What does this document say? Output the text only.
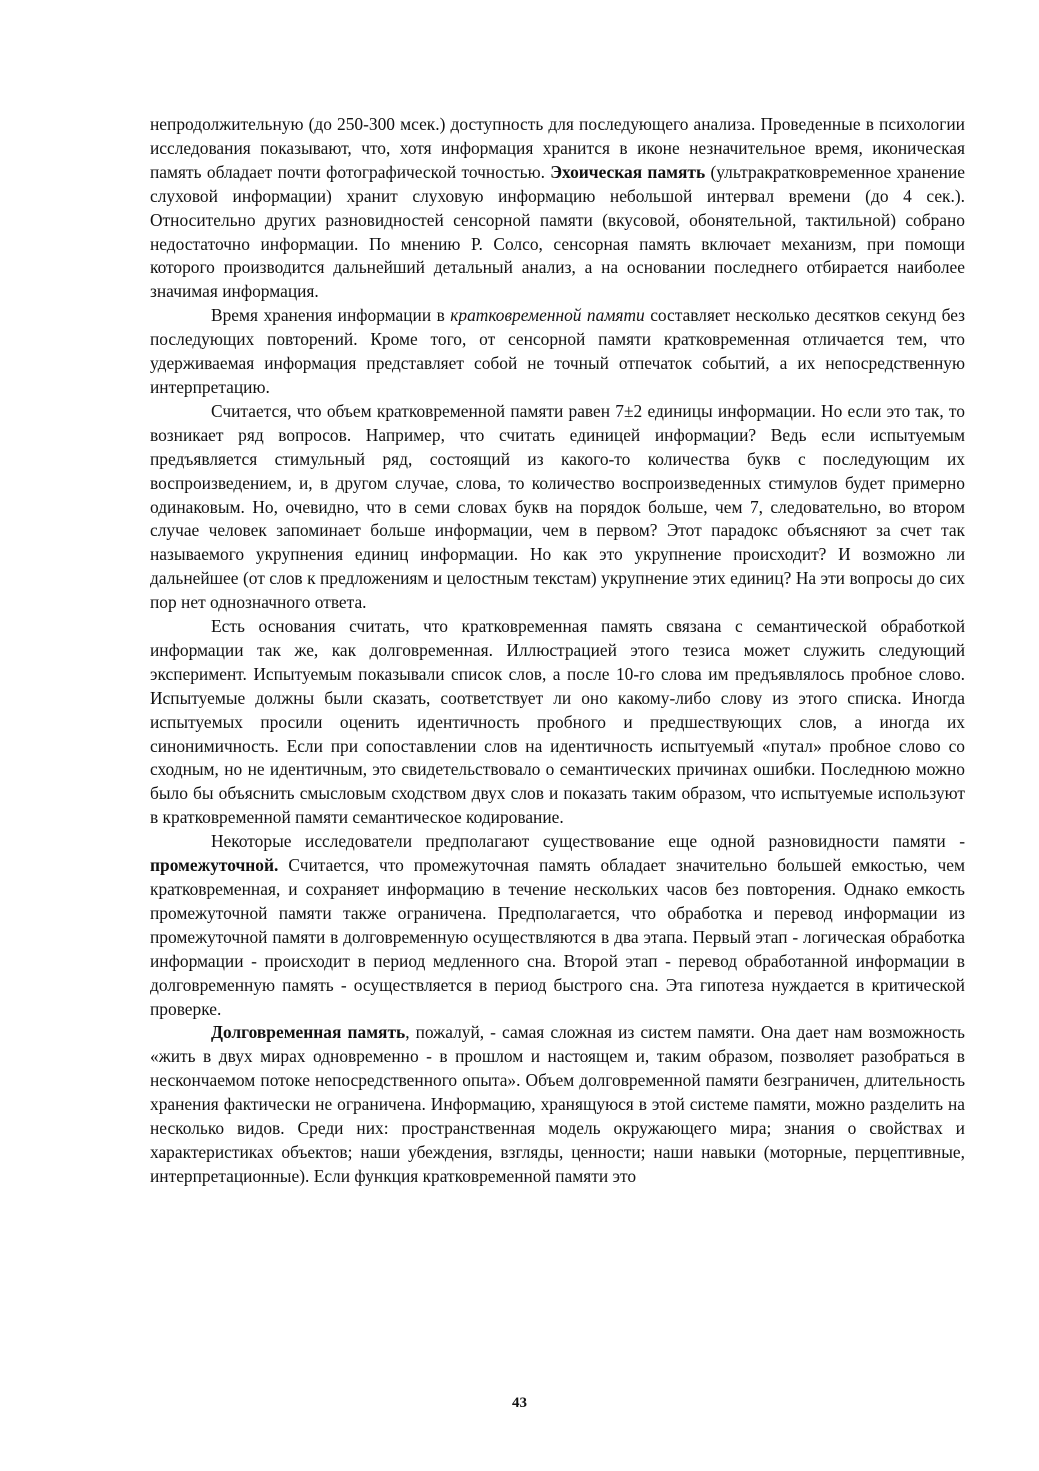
непродолжительную (до 250-300 мсек.) доступность для последующего анализа. Проведенные в психологии исследования показывают, что, хотя информация хранится в иконе незначительное время, иконическая память обладает почти фотографической точностью. Эхоическая память (ультракратковременное хранение слуховой информации) хранит слуховую информацию небольшой интервал времени (до 4 сек.). Относительно других разновидностей сенсорной памяти (вкусовой, обонятельной, тактильной) собрано недостаточно информации. По мнению Р. Солсо, сенсорная память включает механизм, при помощи которого производится дальнейший детальный анализ, а на основании последнего отбирается наиболее значимая информация.

Время хранения информации в кратковременной памяти составляет несколько десятков секунд без последующих повторений. Кроме того, от сенсорной памяти кратковременная отличается тем, что удерживаемая информация представляет собой не точный отпечаток событий, а их непосредственную интерпретацию.

Считается, что объем кратковременной памяти равен 7±2 единицы информации. Но если это так, то возникает ряд вопросов. Например, что считать единицей информации? Ведь если испытуемым предъявляется стимульный ряд, состоящий из какого-то количества букв с последующим их воспроизведением, и, в другом случае, слова, то количество воспроизведенных стимулов будет примерно одинаковым. Но, очевидно, что в семи словах букв на порядок больше, чем 7, следовательно, во втором случае человек запоминает больше информации, чем в первом? Этот парадокс объясняют за счет так называемого укрупнения единиц информации. Но как это укрупнение происходит? И возможно ли дальнейшее (от слов к предложениям и целостным текстам) укрупнение этих единиц? На эти вопросы до сих пор нет однозначного ответа.

Есть основания считать, что кратковременная память связана с семантической обработкой информации так же, как долговременная. Иллюстрацией этого тезиса может служить следующий эксперимент. Испытуемым показывали список слов, а после 10-го слова им предъявлялось пробное слово. Испытуемые должны были сказать, соответствует ли оно какому-либо слову из этого списка. Иногда испытуемых просили оценить идентичность пробного и предшествующих слов, а иногда их синонимичность. Если при сопоставлении слов на идентичность испытуемый «путал» пробное слово со сходным, но не идентичным, это свидетельствовало о семантических причинах ошибки. Последнюю можно было бы объяснить смысловым сходством двух слов и показать таким образом, что испытуемые используют в кратковременной памяти семантическое кодирование.

Некоторые исследователи предполагают существование еще одной разновидности памяти - промежуточной. Считается, что промежуточная память обладает значительно большей емкостью, чем кратковременная, и сохраняет информацию в течение нескольких часов без повторения. Однако емкость промежуточной памяти также ограничена. Предполагается, что обработка и перевод информации из промежуточной памяти в долговременную осуществляются в два этапа. Первый этап - логическая обработка информации - происходит в период медленного сна. Второй этап - перевод обработанной информации в долговременную память - осуществляется в период быстрого сна. Эта гипотеза нуждается в критической проверке.

Долговременная память, пожалуй, - самая сложная из систем памяти. Она дает нам возможность «жить в двух мирах одновременно - в прошлом и настоящем и, таким образом, позволяет разобраться в нескончаемом потоке непосредственного опыта». Объем долговременной памяти безграничен, длительность хранения фактически не ограничена. Информацию, хранящуюся в этой системе памяти, можно разделить на несколько видов. Среди них: пространственная модель окружающего мира; знания о свойствах и характеристиках объектов; наши убеждения, взгляды, ценности; наши навыки (моторные, перцептивные, интерпретационные). Если функция кратковременной памяти это

43
